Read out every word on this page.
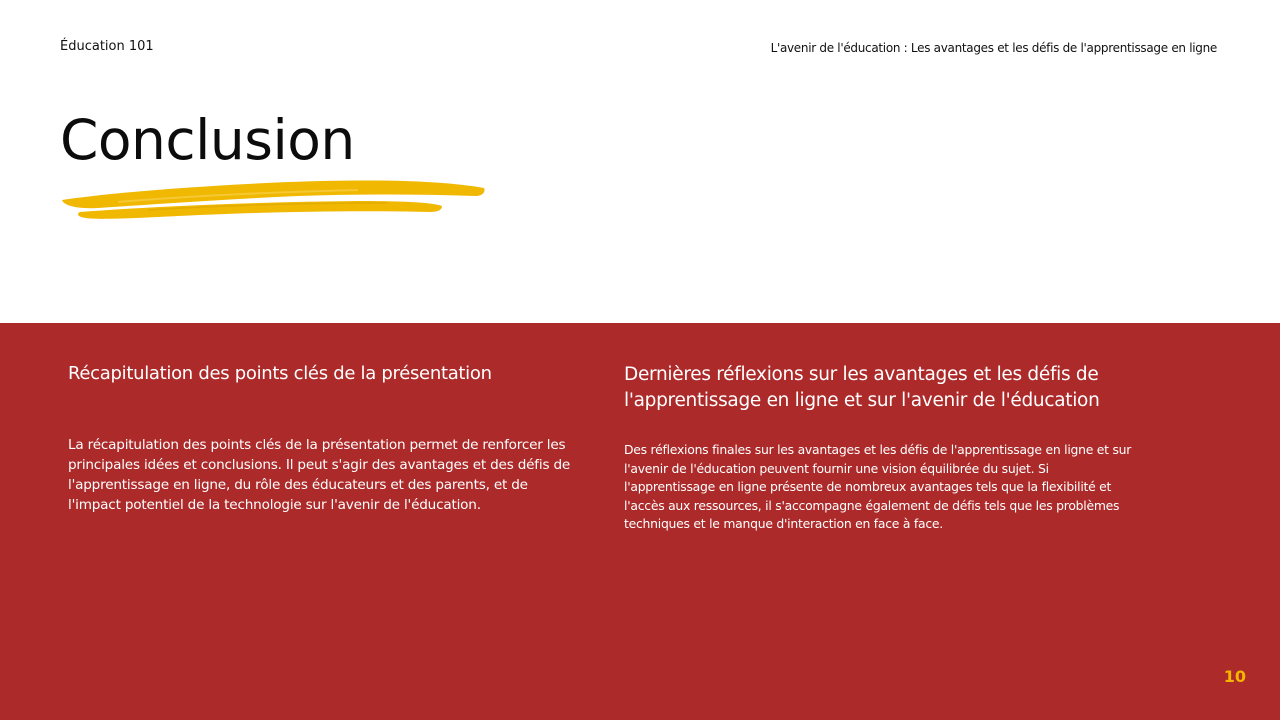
Éducation 101	L'avenir de l'éducation : Les avantages et les défis de l'apprentissage en ligne
Conclusion
Récapitulation des points clés de la présentation

La récapitulation des points clés de la présentation permet de renforcer les principales idées et conclusions. Il peut s'agir des avantages et des défis de l'apprentissage en ligne, du rôle des éducateurs et des parents, et de l'impact potentiel de la technologie sur l'avenir de l'éducation.

Dernières réflexions sur les avantages et les défis de l'apprentissage en ligne et sur l'avenir de l'éducation

Des réflexions finales sur les avantages et les défis de l'apprentissage en ligne et sur l'avenir de l'éducation peuvent fournir une vision équilibrée du sujet. Si l'apprentissage en ligne présente de nombreux avantages tels que la flexibilité et l'accès aux ressources, il s'accompagne également de défis tels que les problèmes techniques et le manque d'interaction en face à face.

10
